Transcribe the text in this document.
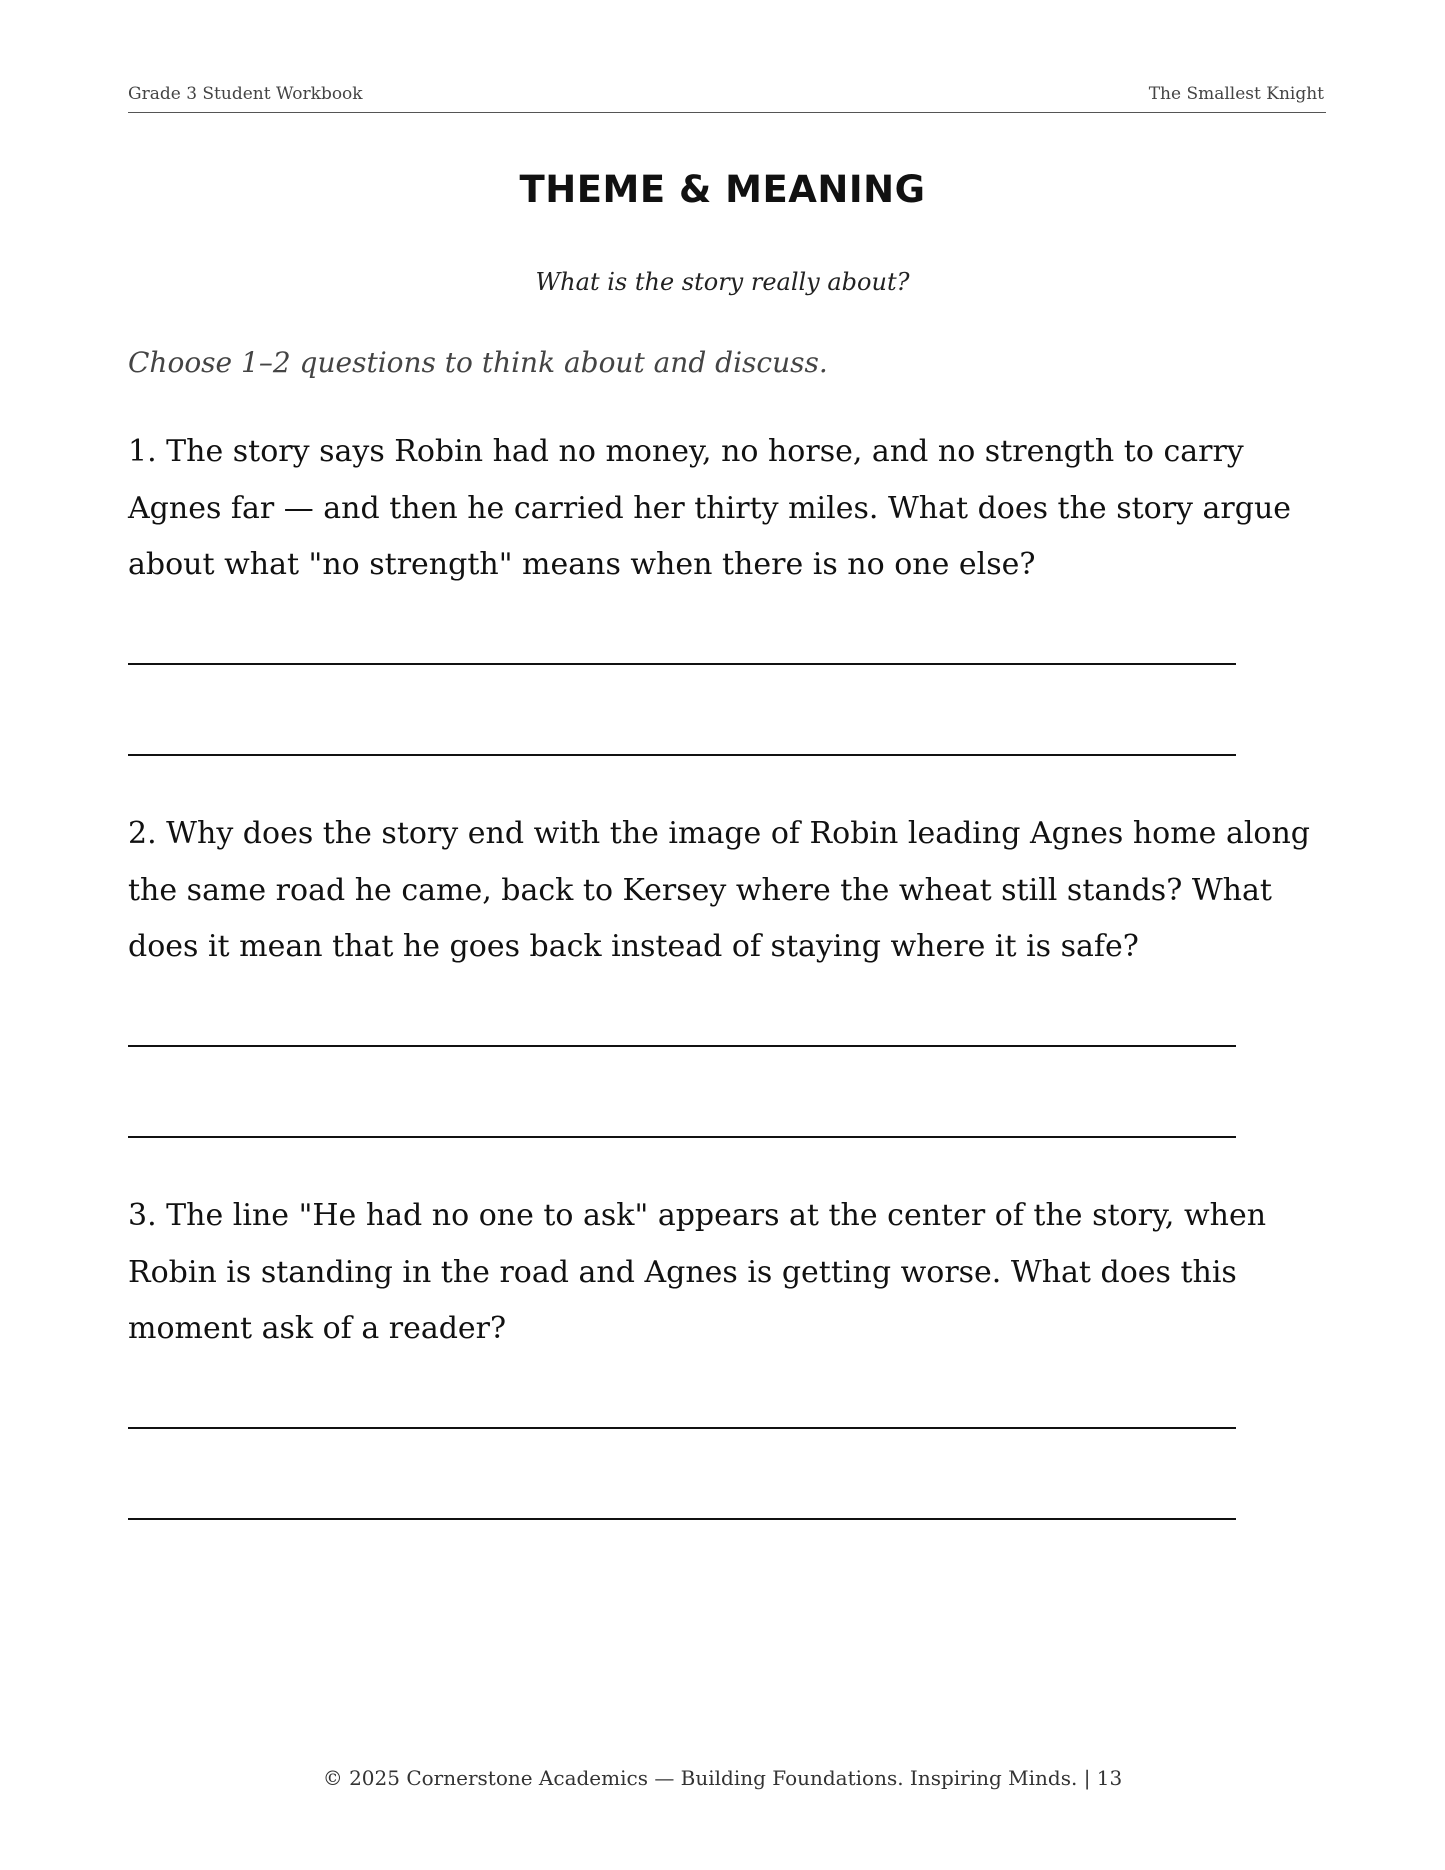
Grade 3 Student Workbook	The Smallest Knight
THEME & MEANING
What is the story really about?
Choose 1–2 questions to think about and discuss.
1. The story says Robin had no money, no horse, and no strength to carry Agnes far — and then he carried her thirty miles. What does the story argue about what "no strength" means when there is no one else?
2. Why does the story end with the image of Robin leading Agnes home along the same road he came, back to Kersey where the wheat still stands? What does it mean that he goes back instead of staying where it is safe?
3. The line "He had no one to ask" appears at the center of the story, when Robin is standing in the road and Agnes is getting worse. What does this moment ask of a reader?
© 2025 Cornerstone Academics — Building Foundations. Inspiring Minds. | 13
